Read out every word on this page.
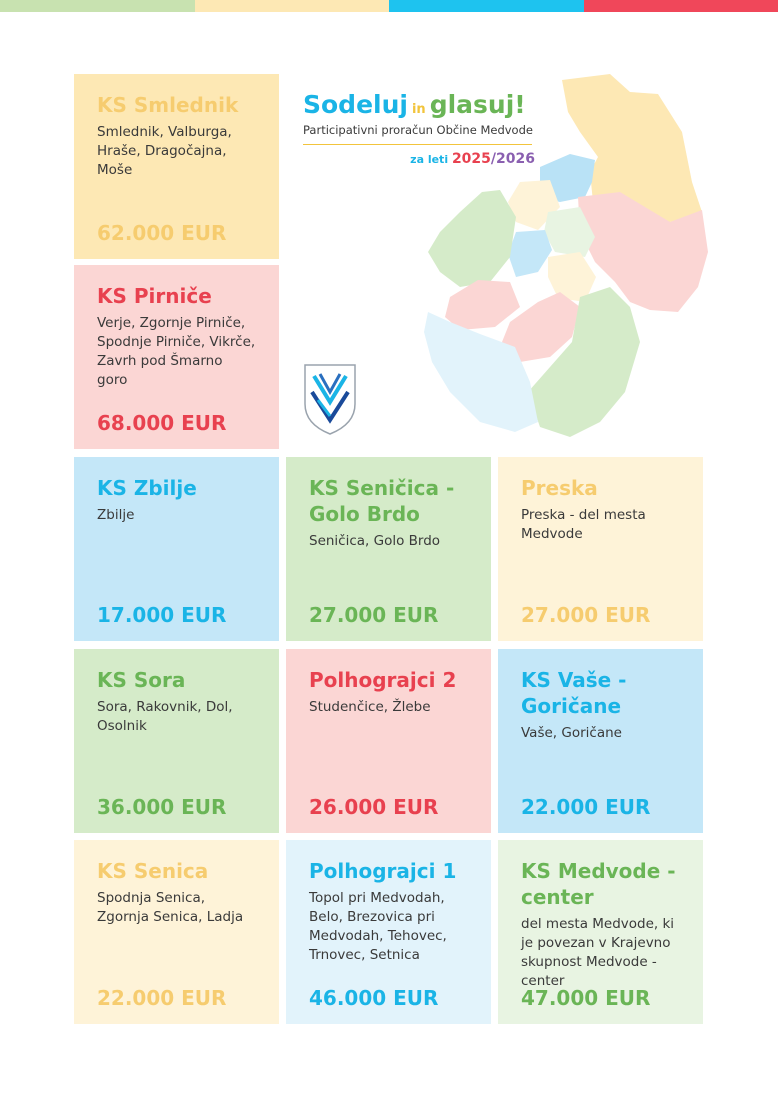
Sodeluj in glasuj!
Participativni proračun Občine Medvode
za leti 2025/2026
KS Smlednik
Smlednik, Valburga, Hraše, Dragočajna, Moše
62.000 EUR
KS Pirniče
Verje, Zgornje Pirniče, Spodnje Pirniče, Vikrče, Zavrh pod Šmarno goro
68.000 EUR
KS Zbilje
Zbilje
17.000 EUR
KS Seničica - Golo Brdo
Seničica, Golo Brdo
27.000 EUR
Preska
Preska - del mesta Medvode
27.000 EUR
KS Sora
Sora, Rakovnik, Dol, Osolnik
36.000 EUR
Polhograjci 2
Studenčice, Žlebe
26.000 EUR
KS Vaše - Goričane
Vaše, Goričane
22.000 EUR
KS Senica
Spodnja Senica, Zgornja Senica, Ladja
22.000 EUR
Polhograjci 1
Topol pri Medvodah, Belo, Brezovica pri Medvodah, Tehovec, Trnovec, Setnica
46.000 EUR
KS Medvode - center
del mesta Medvode, ki je povezan v Krajevno skupnost Medvode - center
47.000 EUR
